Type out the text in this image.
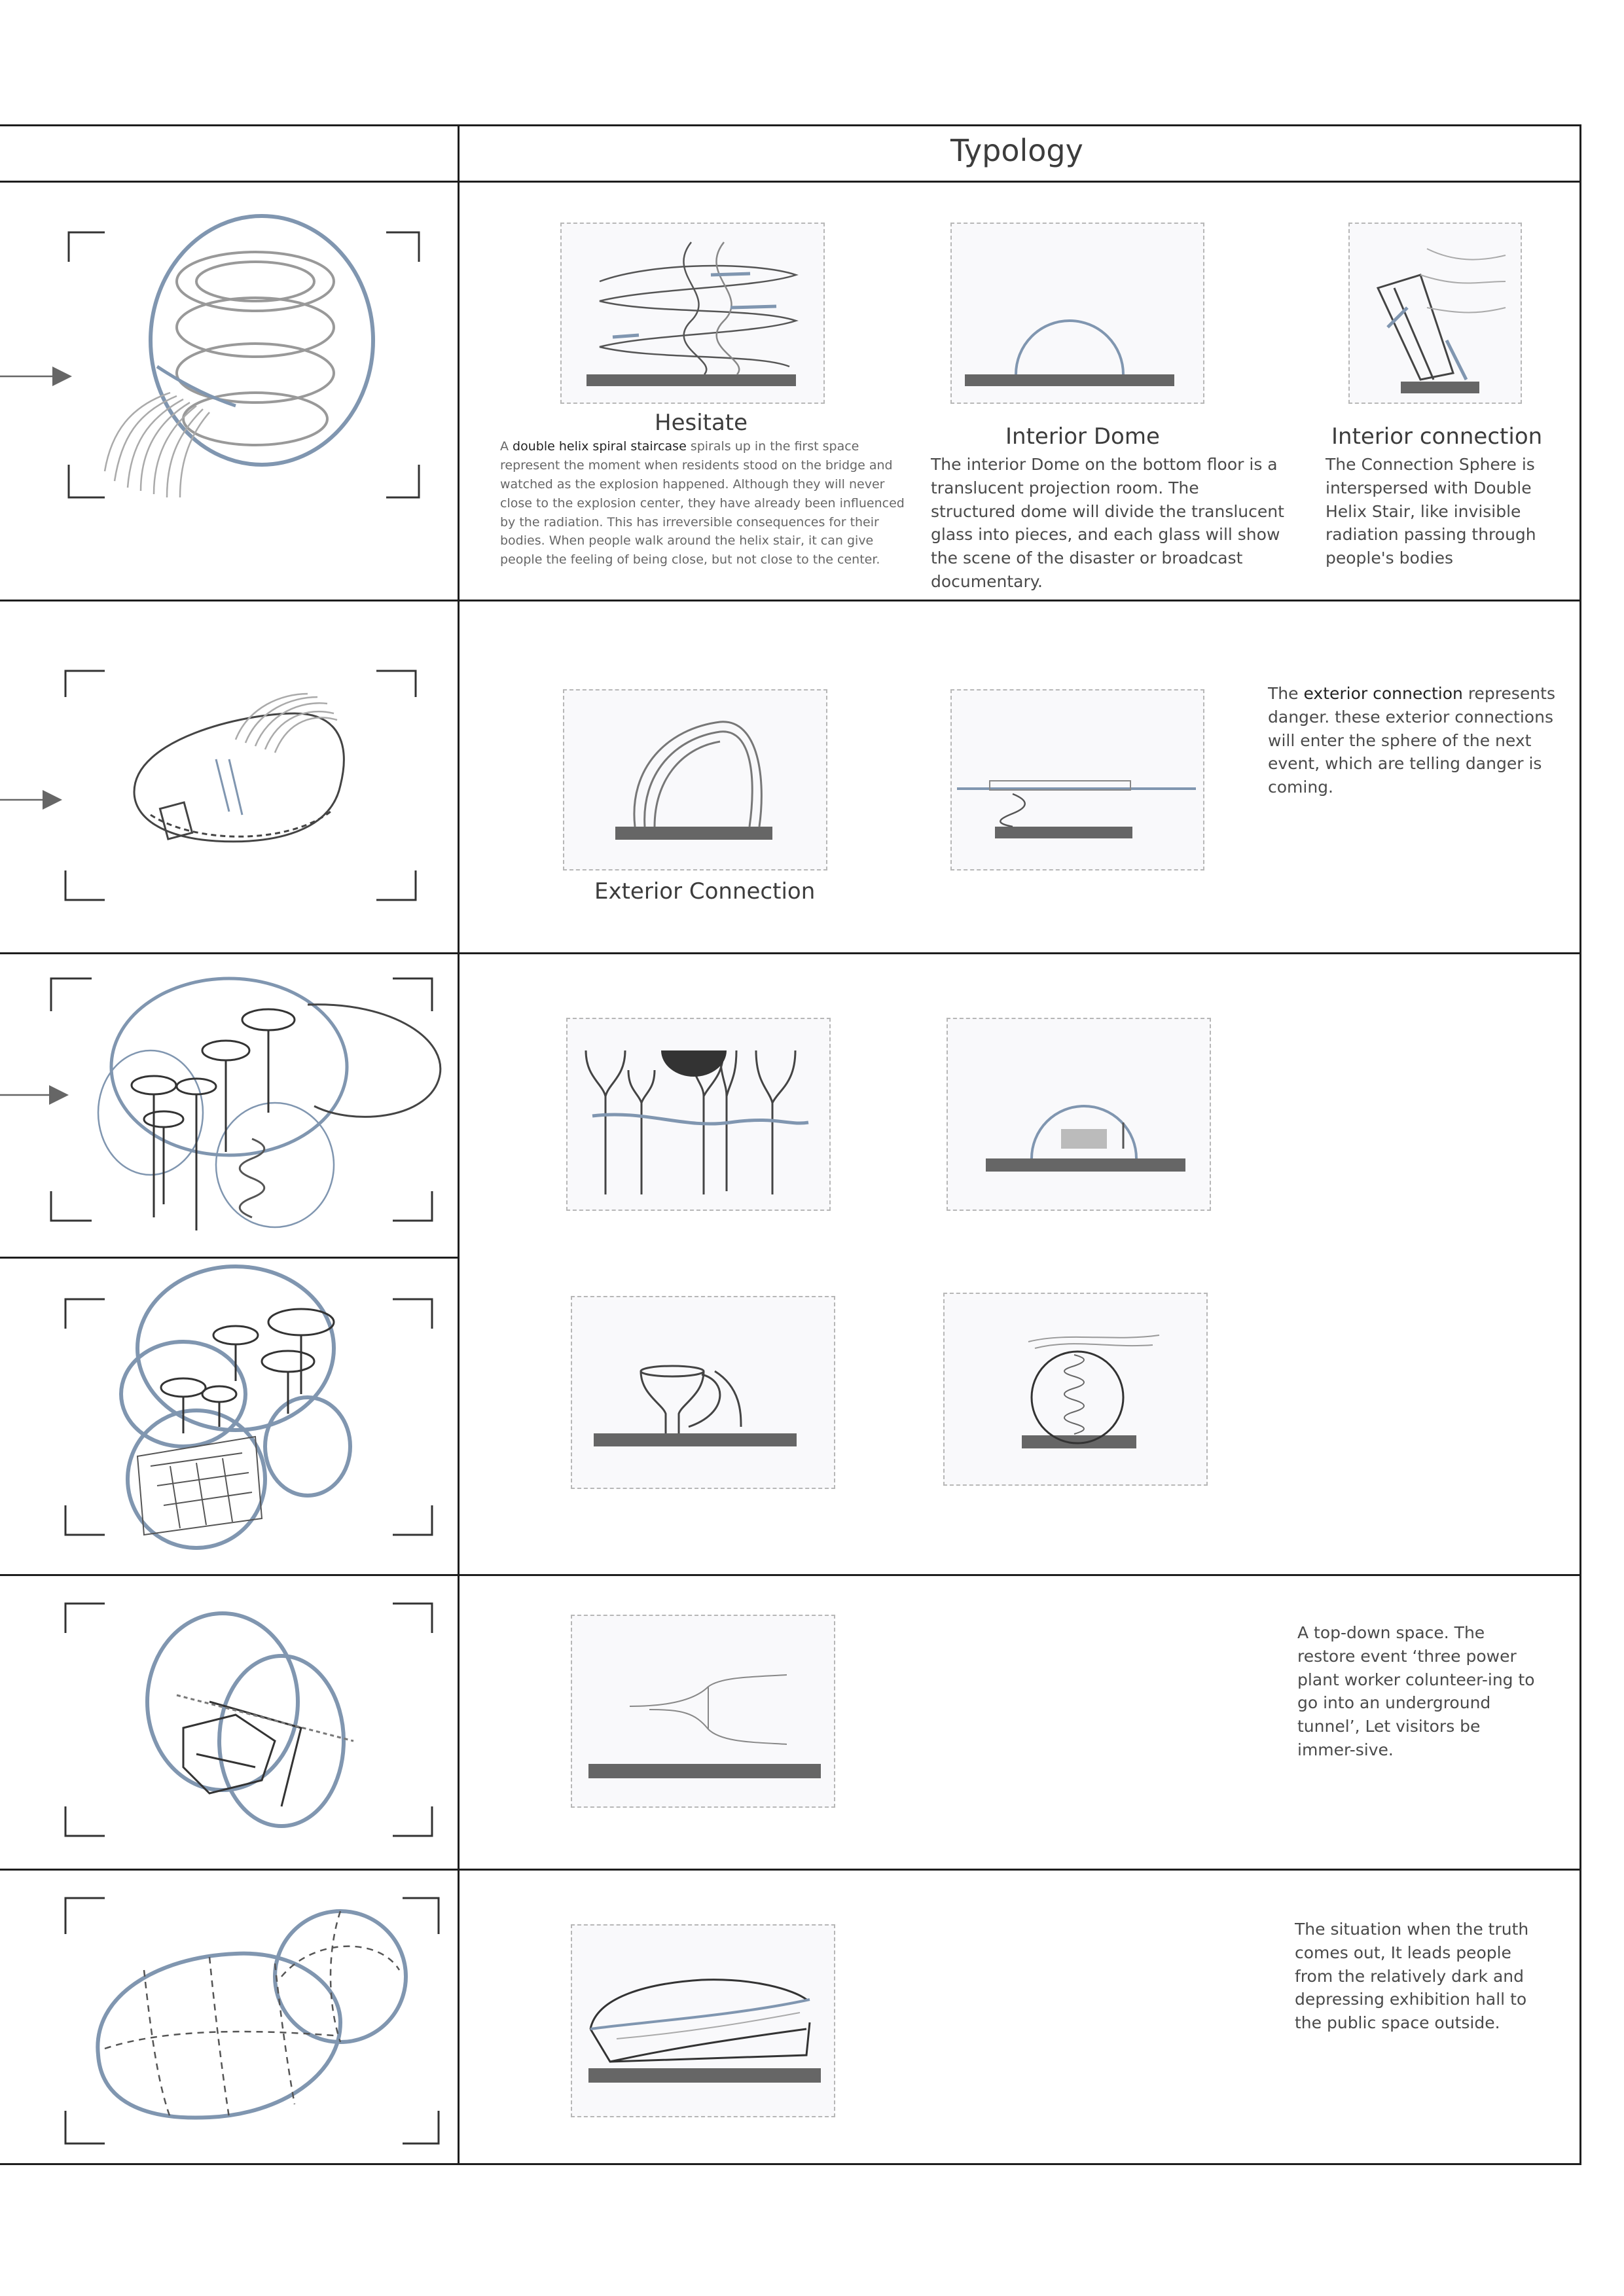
Typology
Hesitate
A double helix spiral staircase spirals up in the first space represent the moment when residents stood on the bridge and watched as the explosion happened. Although they will never close to the explosion center, they have already been influenced by the radiation. This has irreversible consequences for their bodies. When people walk around the helix stair, it can give people the feeling of being close, but not close to the center.
Interior Dome
The interior Dome on the bottom floor is a translucent projection room. The structured dome will divide the translucent glass into pieces, and each glass will show the scene of the disaster or broadcast documentary.
Interior connection
The Connection Sphere is interspersed with Double Helix Stair, like invisible radiation passing through people's bodies
Exterior Connection
The exterior connection represents danger. these exterior connections will enter the sphere of the next event, which are telling danger is coming.
A top-down space. The restore event ‘three power plant worker colunteer-ing to go into an underground tunnel’, Let visitors be immer-sive.
The situation when the truth comes out, It leads people from the relatively dark and depressing exhibition hall to the public space outside.
